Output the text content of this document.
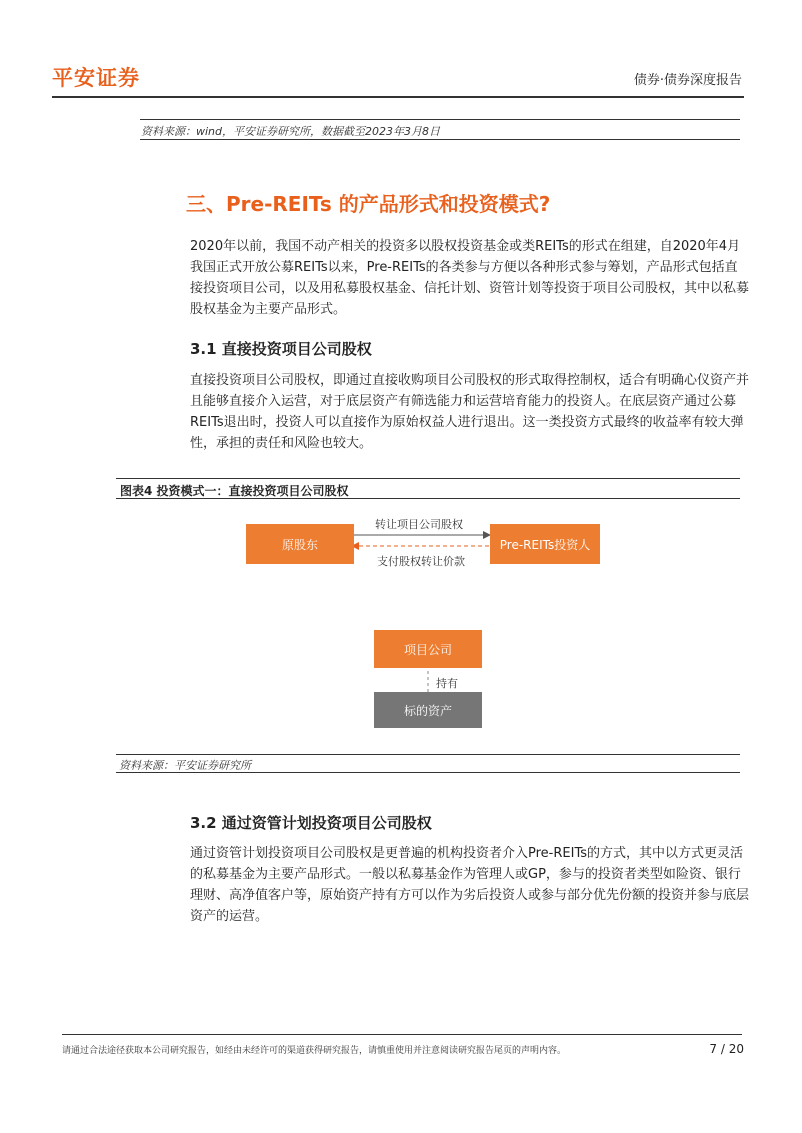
平安证券	债券·债券深度报告
资料来源：wind，平安证券研究所，数据截至2023年3月8日
三、Pre-REITs 的产品形式和投资模式?

2020年以前，我国不动产相关的投资多以股权投资基金或类REITs的形式在组建，自2020年4月我国正式开放公募REITs以来，Pre-REITs的各类参与方便以各种形式参与筹划，产品形式包括直接投资项目公司，以及用私募股权基金、信托计划、资管计划等投资于项目公司股权，其中以私募股权基金为主要产品形式。

3.1 直接投资项目公司股权

直接投资项目公司股权，即通过直接收购项目公司股权的形式取得控制权，适合有明确心仪资产并且能够直接介入运营，对于底层资产有筛选能力和运营培育能力的投资人。在底层资产通过公募REITs退出时，投资人可以直接作为原始权益人进行退出。这一类投资方式最终的收益率有较大弹性，承担的责任和风险也较大。

图表4 投资模式一：直接投资项目公司股权
原股东	Pre-REITs投资人
转让项目公司股权
支付股权转让价款
项目公司
持有
标的资产
资料来源：平安证券研究所
3.2 通过资管计划投资项目公司股权

通过资管计划投资项目公司股权是更普遍的机构投资者介入Pre-REITs的方式，其中以方式更灵活的私募基金为主要产品形式。一般以私募基金作为管理人或GP，参与的投资者类型如险资、银行理财、高净值客户等，原始资产持有方可以作为劣后投资人或参与部分优先份额的投资并参与底层资产的运营。

请通过合法途径获取本公司研究报告，如经由未经许可的渠道获得研究报告，请慎重使用并注意阅读研究报告尾页的声明内容。	7 / 20
